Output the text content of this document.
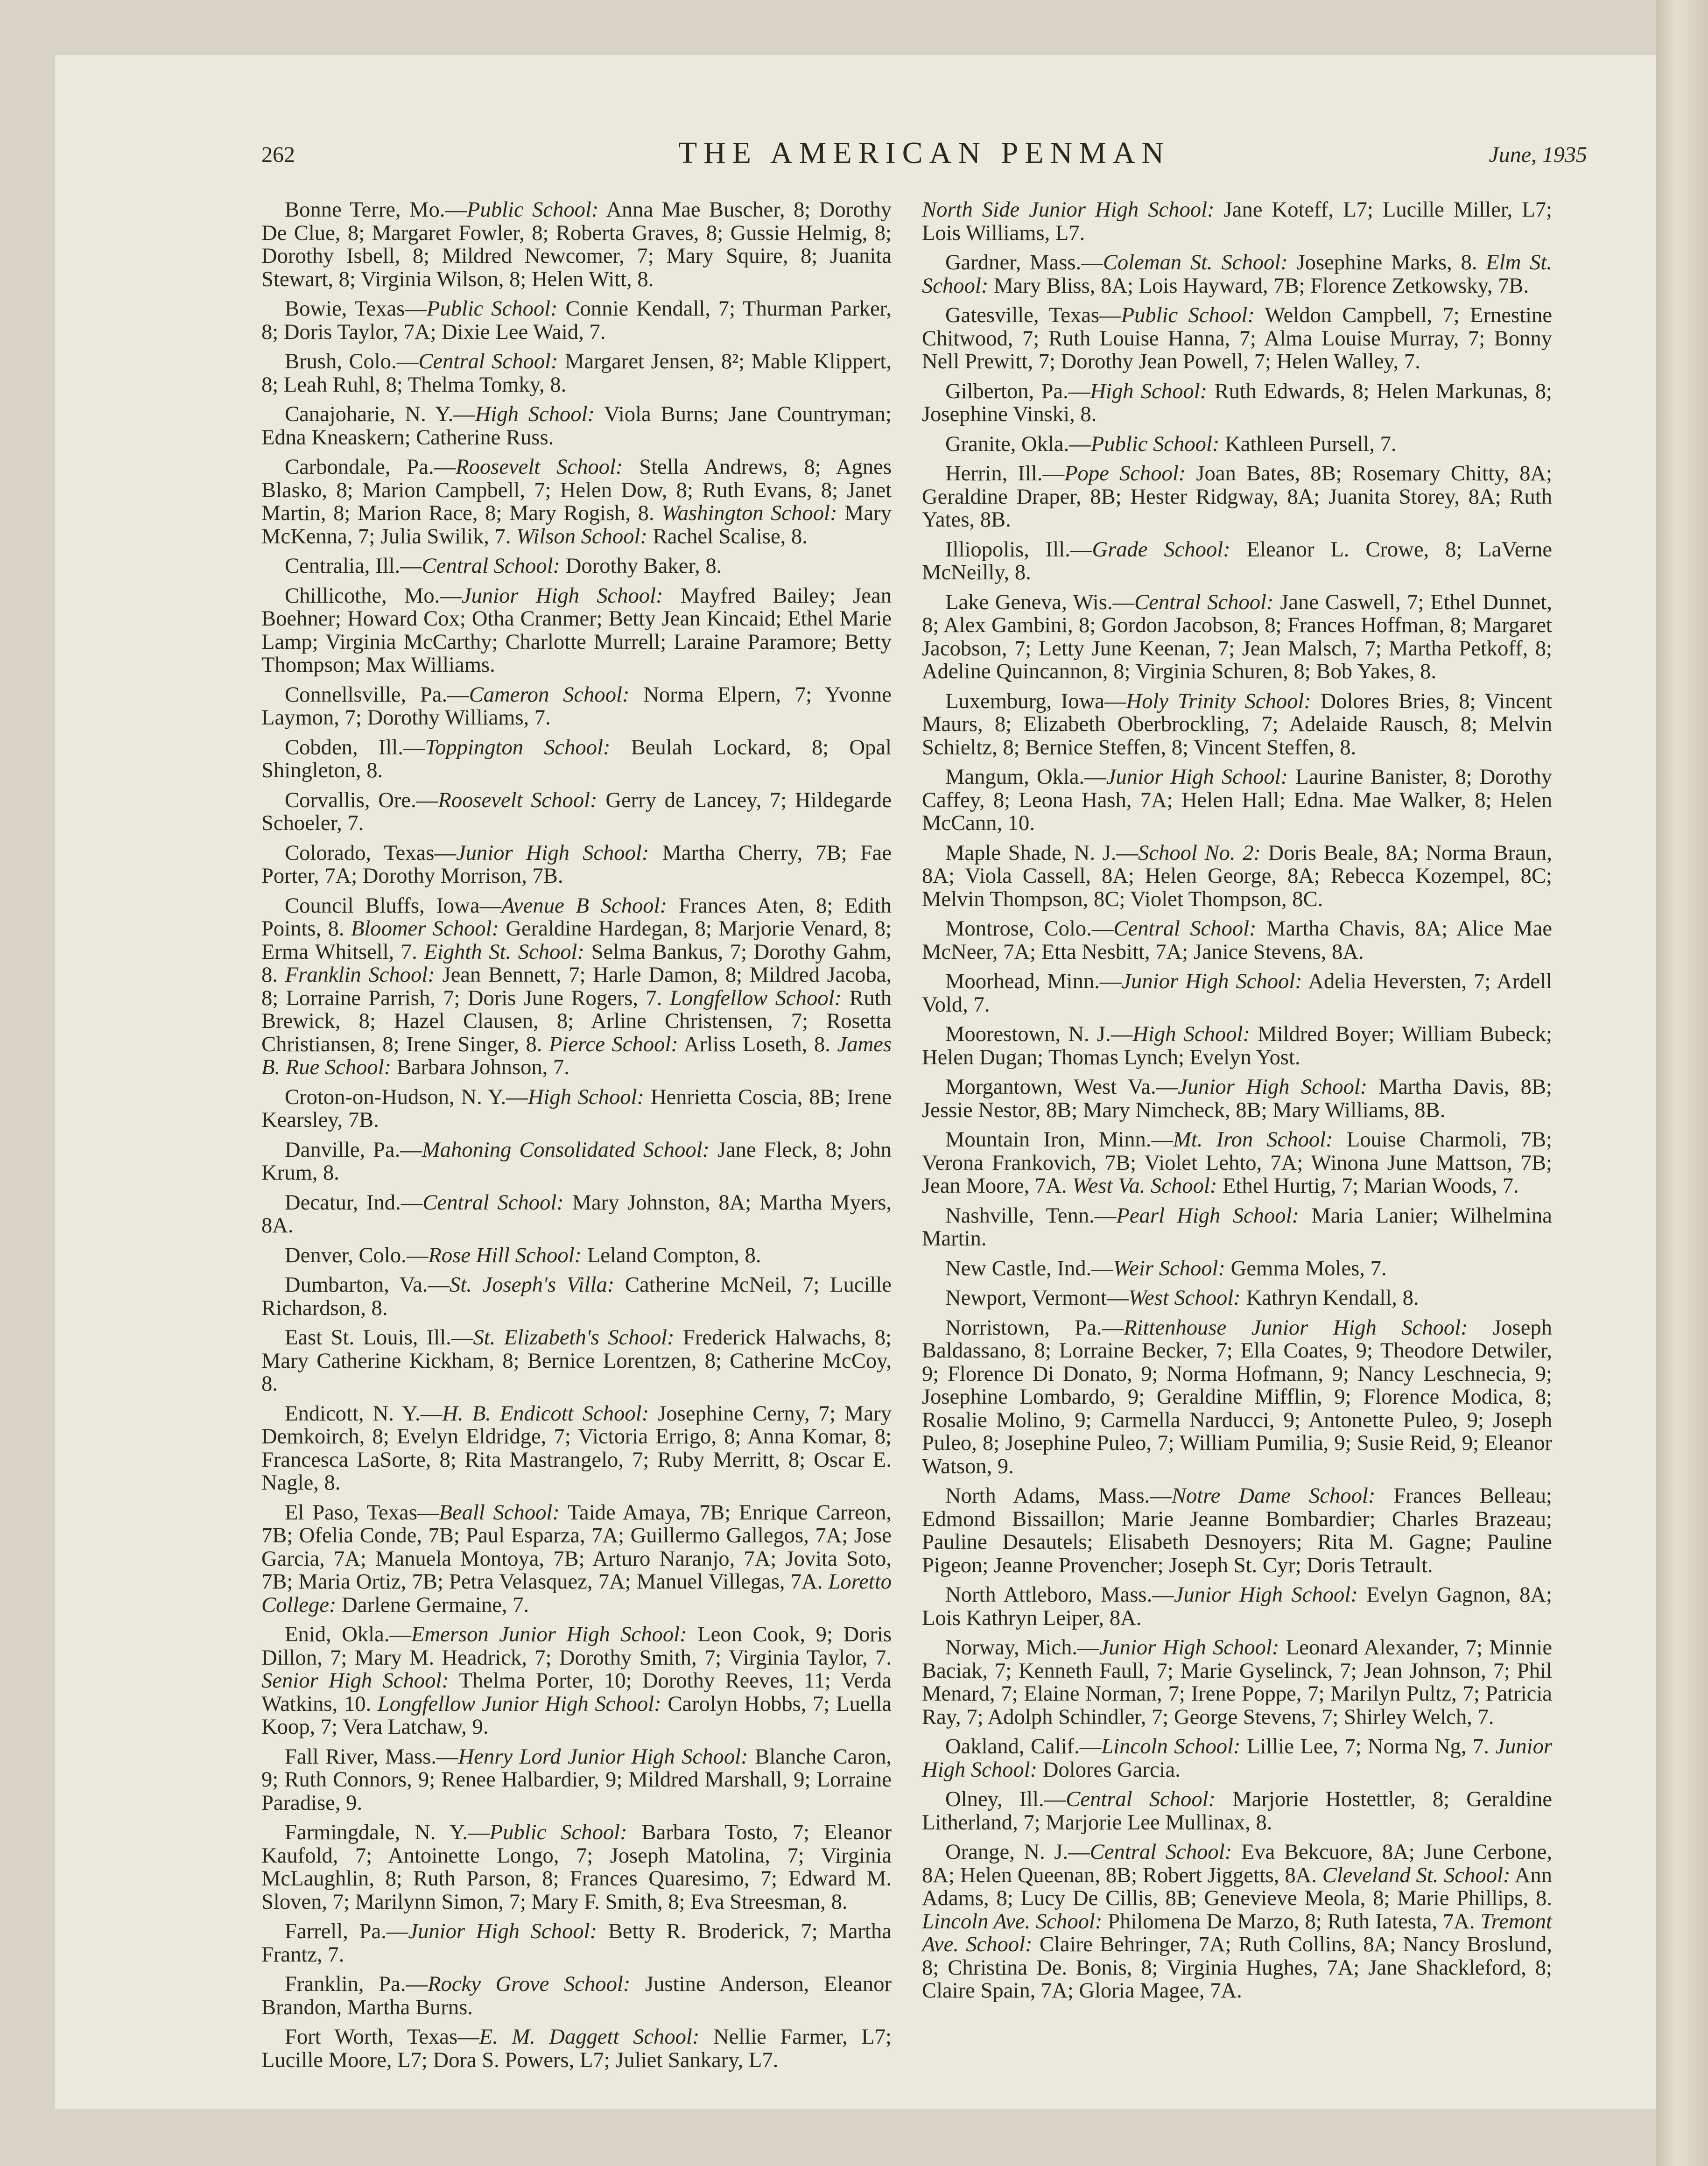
262	THE AMERICAN PENMAN	June, 1935

Bonne Terre, Mo.—Public School: Anna Mae Buscher, 8; Dorothy De Clue, 8; Margaret Fowler, 8; Roberta Graves, 8; Gussie Helmig, 8; Dorothy Isbell, 8; Mildred Newcomer, 7; Mary Squire, 8; Juanita Stewart, 8; Virginia Wilson, 8; Helen Witt, 8.

Bowie, Texas—Public School: Connie Kendall, 7; Thurman Parker, 8; Doris Taylor, 7A; Dixie Lee Waid, 7.

Brush, Colo.—Central School: Margaret Jensen, 8²; Mable Klippert, 8; Leah Ruhl, 8; Thelma Tomky, 8.

Canajoharie, N. Y.—High School: Viola Burns; Jane Countryman; Edna Kneaskern; Catherine Russ.

Carbondale, Pa.—Roosevelt School: Stella Andrews, 8; Agnes Blasko, 8; Marion Campbell, 7; Helen Dow, 8; Ruth Evans, 8; Janet Martin, 8; Marion Race, 8; Mary Rogish, 8. Washington School: Mary McKenna, 7; Julia Swilik, 7. Wilson School: Rachel Scalise, 8.

Centralia, Ill.—Central School: Dorothy Baker, 8.

Chillicothe, Mo.—Junior High School: Mayfred Bailey; Jean Boehner; Howard Cox; Otha Cranmer; Betty Jean Kincaid; Ethel Marie Lamp; Virginia McCarthy; Charlotte Murrell; Laraine Paramore; Betty Thompson; Max Williams.

Connellsville, Pa.—Cameron School: Norma Elpern, 7; Yvonne Laymon, 7; Dorothy Williams, 7.

Cobden, Ill.—Toppington School: Beulah Lockard, 8; Opal Shingleton, 8.

Corvallis, Ore.—Roosevelt School: Gerry de Lancey, 7; Hildegarde Schoeler, 7.

Colorado, Texas—Junior High School: Martha Cherry, 7B; Fae Porter, 7A; Dorothy Morrison, 7B.

Council Bluffs, Iowa—Avenue B School: Frances Aten, 8; Edith Points, 8. Bloomer School: Geraldine Hardegan, 8; Marjorie Venard, 8; Erma Whitsell, 7. Eighth St. School: Selma Bankus, 7; Dorothy Gahm, 8. Franklin School: Jean Bennett, 7; Harle Damon, 8; Mildred Jacoba, 8; Lorraine Parrish, 7; Doris June Rogers, 7. Longfellow School: Ruth Brewick, 8; Hazel Clausen, 8; Arline Christensen, 7; Rosetta Christiansen, 8; Irene Singer, 8. Pierce School: Arliss Loseth, 8. James B. Rue School: Barbara Johnson, 7.

Croton-on-Hudson, N. Y.—High School: Henrietta Coscia, 8B; Irene Kearsley, 7B.

Danville, Pa.—Mahoning Consolidated School: Jane Fleck, 8; John Krum, 8.

Decatur, Ind.—Central School: Mary Johnston, 8A; Martha Myers, 8A.

Denver, Colo.—Rose Hill School: Leland Compton, 8.

Dumbarton, Va.—St. Joseph's Villa: Catherine McNeil, 7; Lucille Richardson, 8.

East St. Louis, Ill.—St. Elizabeth's School: Frederick Halwachs, 8; Mary Catherine Kickham, 8; Bernice Lorentzen, 8; Catherine McCoy, 8.

Endicott, N. Y.—H. B. Endicott School: Josephine Cerny, 7; Mary Demkoirch, 8; Evelyn Eldridge, 7; Victoria Errigo, 8; Anna Komar, 8; Francesca LaSorte, 8; Rita Mastrangelo, 7; Ruby Merritt, 8; Oscar E. Nagle, 8.

El Paso, Texas—Beall School: Taide Amaya, 7B; Enrique Carreon, 7B; Ofelia Conde, 7B; Paul Esparza, 7A; Guillermo Gallegos, 7A; Jose Garcia, 7A; Manuela Montoya, 7B; Arturo Naranjo, 7A; Jovita Soto, 7B; Maria Ortiz, 7B; Petra Velasquez, 7A; Manuel Villegas, 7A. Loretto College: Darlene Germaine, 7.

Enid, Okla.—Emerson Junior High School: Leon Cook, 9; Doris Dillon, 7; Mary M. Headrick, 7; Dorothy Smith, 7; Virginia Taylor, 7. Senior High School: Thelma Porter, 10; Dorothy Reeves, 11; Verda Watkins, 10. Longfellow Junior High School: Carolyn Hobbs, 7; Luella Koop, 7; Vera Latchaw, 9.

Fall River, Mass.—Henry Lord Junior High School: Blanche Caron, 9; Ruth Connors, 9; Renee Halbardier, 9; Mildred Marshall, 9; Lorraine Paradise, 9.

Farmingdale, N. Y.—Public School: Barbara Tosto, 7; Eleanor Kaufold, 7; Antoinette Longo, 7; Joseph Matolina, 7; Virginia McLaughlin, 8; Ruth Parson, 8; Frances Quaresimo, 7; Edward M. Sloven, 7; Marilynn Simon, 7; Mary F. Smith, 8; Eva Streesman, 8.

Farrell, Pa.—Junior High School: Betty R. Broderick, 7; Martha Frantz, 7.

Franklin, Pa.—Rocky Grove School: Justine Anderson, Eleanor Brandon, Martha Burns.

Fort Worth, Texas—E. M. Daggett School: Nellie Farmer, L7; Lucille Moore, L7; Dora S. Powers, L7; Juliet Sankary, L7.

North Side Junior High School: Jane Koteff, L7; Lucille Miller, L7; Lois Williams, L7.

Gardner, Mass.—Coleman St. School: Josephine Marks, 8. Elm St. School: Mary Bliss, 8A; Lois Hayward, 7B; Florence Zetkowsky, 7B.

Gatesville, Texas—Public School: Weldon Campbell, 7; Ernestine Chitwood, 7; Ruth Louise Hanna, 7; Alma Louise Murray, 7; Bonny Nell Prewitt, 7; Dorothy Jean Powell, 7; Helen Walley, 7.

Gilberton, Pa.—High School: Ruth Edwards, 8; Helen Markunas, 8; Josephine Vinski, 8.

Granite, Okla.—Public School: Kathleen Pursell, 7.

Herrin, Ill.—Pope School: Joan Bates, 8B; Rosemary Chitty, 8A; Geraldine Draper, 8B; Hester Ridgway, 8A; Juanita Storey, 8A; Ruth Yates, 8B.

Illiopolis, Ill.—Grade School: Eleanor L. Crowe, 8; LaVerne McNeilly, 8.

Lake Geneva, Wis.—Central School: Jane Caswell, 7; Ethel Dunnet, 8; Alex Gambini, 8; Gordon Jacobson, 8; Frances Hoffman, 8; Margaret Jacobson, 7; Letty June Keenan, 7; Jean Malsch, 7; Martha Petkoff, 8; Adeline Quincannon, 8; Virginia Schuren, 8; Bob Yakes, 8.

Luxemburg, Iowa—Holy Trinity School: Dolores Bries, 8; Vincent Maurs, 8; Elizabeth Oberbrockling, 7; Adelaide Rausch, 8; Melvin Schieltz, 8; Bernice Steffen, 8; Vincent Steffen, 8.

Mangum, Okla.—Junior High School: Laurine Banister, 8; Dorothy Caffey, 8; Leona Hash, 7A; Helen Hall; Edna. Mae Walker, 8; Helen McCann, 10.

Maple Shade, N. J.—School No. 2: Doris Beale, 8A; Norma Braun, 8A; Viola Cassell, 8A; Helen George, 8A; Rebecca Kozempel, 8C; Melvin Thompson, 8C; Violet Thompson, 8C.

Montrose, Colo.—Central School: Martha Chavis, 8A; Alice Mae McNeer, 7A; Etta Nesbitt, 7A; Janice Stevens, 8A.

Moorhead, Minn.—Junior High School: Adelia Heversten, 7; Ardell Vold, 7.

Moorestown, N. J.—High School: Mildred Boyer; William Bubeck; Helen Dugan; Thomas Lynch; Evelyn Yost.

Morgantown, West Va.—Junior High School: Martha Davis, 8B; Jessie Nestor, 8B; Mary Nimcheck, 8B; Mary Williams, 8B.

Mountain Iron, Minn.—Mt. Iron School: Louise Charmoli, 7B; Verona Frankovich, 7B; Violet Lehto, 7A; Winona June Mattson, 7B; Jean Moore, 7A. West Va. School: Ethel Hurtig, 7; Marian Woods, 7.

Nashville, Tenn.—Pearl High School: Maria Lanier; Wilhelmina Martin.

New Castle, Ind.—Weir School: Gemma Moles, 7.

Newport, Vermont—West School: Kathryn Kendall, 8.

Norristown, Pa.—Rittenhouse Junior High School: Joseph Baldassano, 8; Lorraine Becker, 7; Ella Coates, 9; Theodore Detwiler, 9; Florence Di Donato, 9; Norma Hofmann, 9; Nancy Leschnecia, 9; Josephine Lombardo, 9; Geraldine Mifflin, 9; Florence Modica, 8; Rosalie Molino, 9; Carmella Narducci, 9; Antonette Puleo, 9; Joseph Puleo, 8; Josephine Puleo, 7; William Pumilia, 9; Susie Reid, 9; Eleanor Watson, 9.

North Adams, Mass.—Notre Dame School: Frances Belleau; Edmond Bissaillon; Marie Jeanne Bombardier; Charles Brazeau; Pauline Desautels; Elisabeth Desnoyers; Rita M. Gagne; Pauline Pigeon; Jeanne Provencher; Joseph St. Cyr; Doris Tetrault.

North Attleboro, Mass.—Junior High School: Evelyn Gagnon, 8A; Lois Kathryn Leiper, 8A.

Norway, Mich.—Junior High School: Leonard Alexander, 7; Minnie Baciak, 7; Kenneth Faull, 7; Marie Gyselinck, 7; Jean Johnson, 7; Phil Menard, 7; Elaine Norman, 7; Irene Poppe, 7; Marilyn Pultz, 7; Patricia Ray, 7; Adolph Schindler, 7; George Stevens, 7; Shirley Welch, 7.

Oakland, Calif.—Lincoln School: Lillie Lee, 7; Norma Ng, 7. Junior High School: Dolores Garcia.

Olney, Ill.—Central School: Marjorie Hostettler, 8; Geraldine Litherland, 7; Marjorie Lee Mullinax, 8.

Orange, N. J.—Central School: Eva Bekcuore, 8A; June Cerbone, 8A; Helen Queenan, 8B; Robert Jiggetts, 8A. Cleveland St. School: Ann Adams, 8; Lucy De Cillis, 8B; Genevieve Meola, 8; Marie Phillips, 8. Lincoln Ave. School: Philomena De Marzo, 8; Ruth Iatesta, 7A. Tremont Ave. School: Claire Behringer, 7A; Ruth Collins, 8A; Nancy Broslund, 8; Christina De. Bonis, 8; Virginia Hughes, 7A; Jane Shackleford, 8; Claire Spain, 7A; Gloria Magee, 7A.
